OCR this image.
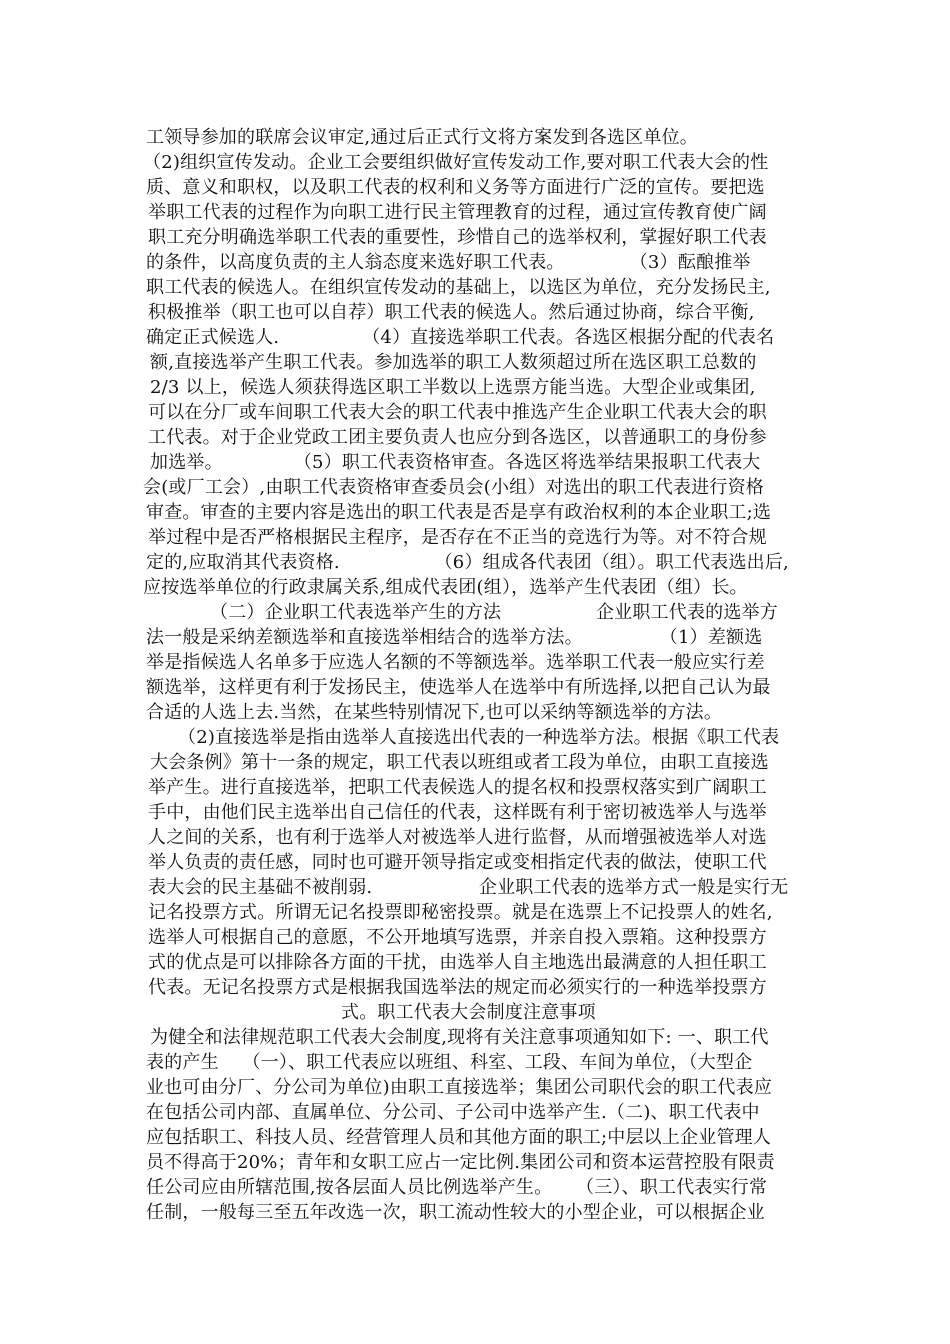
工领导参加的联席会议审定,通过后正式行文将方案发到各选区单位。
（2)组织宣传发动。企业工会要组织做好宣传发动工作,要对职工代表大会的性
质、意义和职权，以及职工代表的权利和义务等方面进行广泛的宣传。要把选
举职工代表的过程作为向职工进行民主管理教育的过程，通过宣传教育使广阔
职工充分明确选举职工代表的重要性，珍惜自己的选举权利，掌握好职工代表
的条件，以高度负责的主人翁态度来选好职工代表。           （3）酝酿推举
职工代表的候选人。在组织宣传发动的基础上，以选区为单位，充分发扬民主,
积极推举（职工也可以自荐）职工代表的候选人。然后通过协商，综合平衡,
确定正式候选人.              （4）直接选举职工代表。各选区根据分配的代表名
额,直接选举产生职工代表。参加选举的职工人数须超过所在选区职工总数的
2/3 以上，候选人须获得选区职工半数以上选票方能当选。大型企业或集团,
可以在分厂或车间职工代表大会的职工代表中推选产生企业职工代表大会的职
工代表。对于企业党政工团主要负责人也应分到各选区，以普通职工的身份参
加选举。            （5）职工代表资格审查。各选区将选举结果报职工代表大
会(或厂工会）,由职工代表资格审查委员会(小组）对选出的职工代表进行资格
审查。审查的主要内容是选出的职工代表是否是享有政治权利的本企业职工;选
举过程中是否严格根据民主程序，是否存在不正当的竞选行为等。对不符合规
定的,应取消其代表资格.                （6）组成各代表团（组）。职工代表选出后,
应按选举单位的行政隶属关系,组成代表团(组），选举产生代表团（组）长。
（二）企业职工代表选举产生的方法                企业职工代表的选举方
法一般是采纳差额选举和直接选举相结合的选举方法。             （1）差额选
举是指候选人名单多于应选人名额的不等额选举。选举职工代表一般应实行差
额选举，这样更有利于发扬民主，使选举人在选举中有所选择,以把自己认为最
合适的人选上去.当然，在某些特别情况下,也可以采纳等额选举的方法。
（2)直接选举是指由选举人直接选出代表的一种选举方法。根据《职工代表
大会条例》第十一条的规定，职工代表以班组或者工段为单位，由职工直接选
举产生。进行直接选举，把职工代表候选人的提名权和投票权落实到广阔职工
手中，由他们民主选举出自己信任的代表，这样既有利于密切被选举人与选举
人之间的关系，也有利于选举人对被选举人进行监督，从而增强被选举人对选
举人负责的责任感，同时也可避开领导指定或变相指定代表的做法，使职工代
表大会的民主基础不被削弱.                  企业职工代表的选举方式一般是实行无
记名投票方式。所谓无记名投票即秘密投票。就是在选票上不记投票人的姓名,
选举人可根据自己的意愿，不公开地填写选票，并亲自投入票箱。这种投票方
式的优点是可以排除各方面的干扰，由选举人自主地选出最满意的人担任职工
代表。无记名投票方式是根据我国选举法的规定而必须实行的一种选举投票方
式。职工代表大会制度注意事项
为健全和法律规范职工代表大会制度,现将有关注意事项通知如下: 一、职工代
表的产生    （一）、职工代表应以班组、科室、工段、车间为单位，（大型企
业也可由分厂、分公司为单位)由职工直接选举；集团公司职代会的职工代表应
在包括公司内部、直属单位、分公司、子公司中选举产生.（二)、职工代表中
应包括职工、科技人员、经营管理人员和其他方面的职工;中层以上企业管理人
员不得高于20%；青年和女职工应占一定比例.集团公司和资本运营控股有限责
任公司应由所辖范围,按各层面人员比例选举产生。    （三）、职工代表实行常
任制，一般每三至五年改选一次，职工流动性较大的小型企业，可以根据企业
